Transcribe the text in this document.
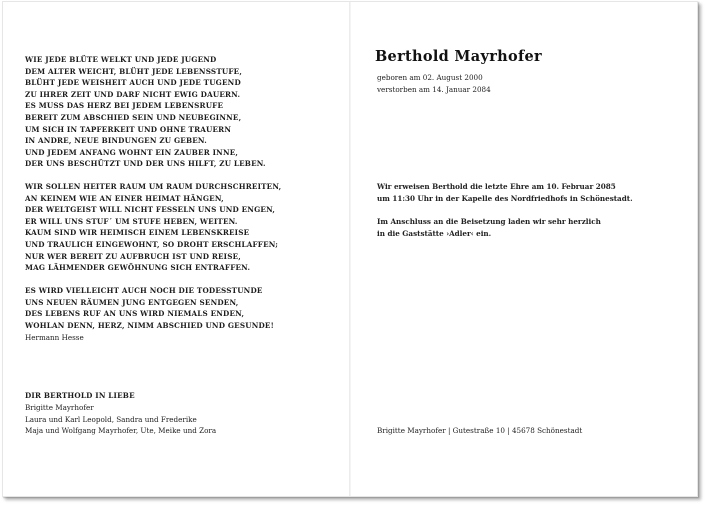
WIE JEDE BLÜTE WELKT UND JEDE JUGEND
DEM ALTER WEICHT, BLÜHT JEDE LEBENSSTUFE,
BLÜHT JEDE WEISHEIT AUCH UND JEDE TUGEND
ZU IHRER ZEIT UND DARF NICHT EWIG DAUERN.
ES MUSS DAS HERZ BEI JEDEM LEBENSRUFE
BEREIT ZUM ABSCHIED SEIN UND NEUBEGINNE,
UM SICH IN TAPFERKEIT UND OHNE TRAUERN
IN ANDRE, NEUE BINDUNGEN ZU GEBEN.
UND JEDEM ANFANG WOHNT EIN ZAUBER INNE,
DER UNS BESCHÜTZT UND DER UNS HILFT, ZU LEBEN.
WIR SOLLEN HEITER RAUM UM RAUM DURCHSCHREITEN,
AN KEINEM WIE AN EINER HEIMAT HÄNGEN,
DER WELTGEIST WILL NICHT FESSELN UNS UND ENGEN,
ER WILL UNS STUF´ UM STUFE HEBEN, WEITEN.
KAUM SIND WIR HEIMISCH EINEM LEBENSKREISE
UND TRAULICH EINGEWOHNT, SO DROHT ERSCHLAFFEN;
NUR WER BEREIT ZU AUFBRUCH IST UND REISE,
MAG LÄHMENDER GEWÖHNUNG SICH ENTRAFFEN.
ES WIRD VIELLEICHT AUCH NOCH DIE TODESSTUNDE
UNS NEUEN RÄUMEN JUNG ENTGEGEN SENDEN,
DES LEBENS RUF AN UNS WIRD NIEMALS ENDEN,
WOHLAN DENN, HERZ, NIMM ABSCHIED UND GESUNDE!
Hermann Hesse
DIR BERTHOLD IN LIEBE
Brigitte Mayrhofer
Laura und Karl Leopold, Sandra und Frederike
Maja und Wolfgang Mayrhofer, Ute, Meike und Zora
Berthold Mayrhofer
geboren am 02. August 2000
verstorben am 14. Januar 2084
Wir erweisen Berthold die letzte Ehre am 10. Februar 2085
um 11:30 Uhr in der Kapelle des Nordfriedhofs in Schönestadt.
Im Anschluss an die Beisetzung laden wir sehr herzlich
in die Gaststätte ›Adler‹ ein.
Brigitte Mayrhofer | Gutestraße 10 | 45678 Schönestadt
